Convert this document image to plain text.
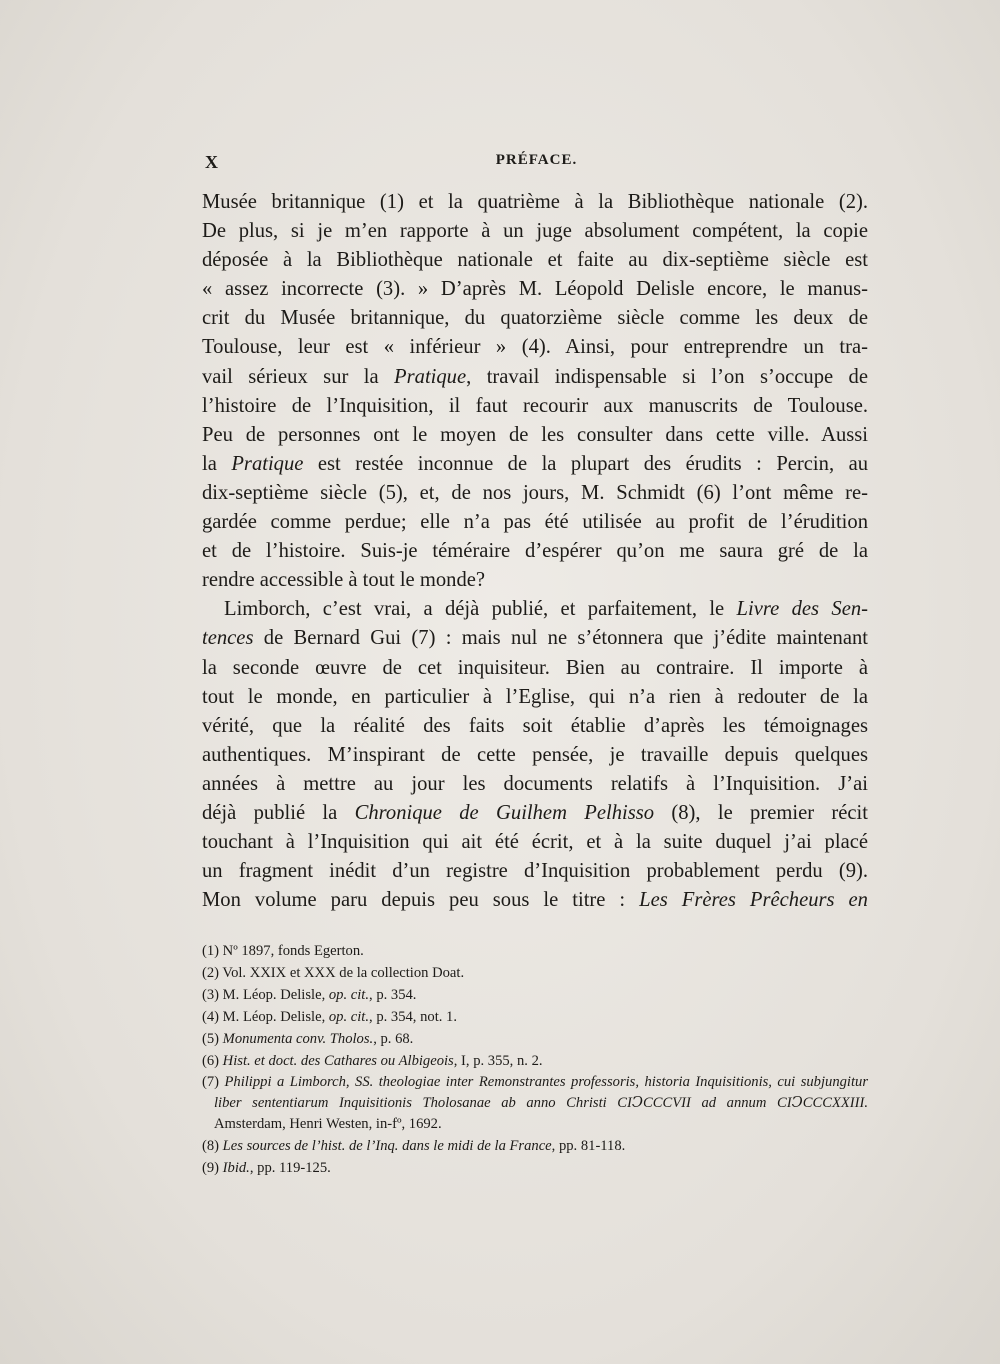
X	PRÉFACE.

Musée britannique (1) et la quatrième à la Bibliothèque nationale (2).

De plus, si je m’en rapporte à un juge absolument compétent, la copie

déposée à la Bibliothèque nationale et faite au dix-septième siècle est

« assez incorrecte (3). » D’après M. Léopold Delisle encore, le manus-

crit du Musée britannique, du quatorzième siècle comme les deux de

Toulouse, leur est « inférieur » (4). Ainsi, pour entreprendre un tra-

vail sérieux sur la Pratique, travail indispensable si l’on s’occupe de

l’histoire de l’Inquisition, il faut recourir aux manuscrits de Toulouse.

Peu de personnes ont le moyen de les consulter dans cette ville. Aussi

la Pratique est restée inconnue de la plupart des érudits : Percin, au

dix-septième siècle (5), et, de nos jours, M. Schmidt (6) l’ont même re-

gardée comme perdue; elle n’a pas été utilisée au profit de l’érudition

et de l’histoire. Suis-je téméraire d’espérer qu’on me saura gré de la

rendre accessible à tout le monde?

Limborch, c’est vrai, a déjà publié, et parfaitement, le Livre des Sen-

tences de Bernard Gui (7) : mais nul ne s’étonnera que j’édite maintenant

la seconde œuvre de cet inquisiteur. Bien au contraire. Il importe à

tout le monde, en particulier à l’Eglise, qui n’a rien à redouter de la

vérité, que la réalité des faits soit établie d’après les témoignages

authentiques. M’inspirant de cette pensée, je travaille depuis quelques

années à mettre au jour les documents relatifs à l’Inquisition. J’ai

déjà publié la Chronique de Guilhem Pelhisso (8), le premier récit

touchant à l’Inquisition qui ait été écrit, et à la suite duquel j’ai placé

un fragment inédit d’un registre d’Inquisition probablement perdu (9).

Mon volume paru depuis peu sous le titre : Les Frères Prêcheurs en

(1) Nº 1897, fonds Egerton.

(2) Vol. XXIX et XXX de la collection Doat.

(3) M. Léop. Delisle, op. cit., p. 354.

(4) M. Léop. Delisle, op. cit., p. 354, not. 1.

(5) Monumenta conv. Tholos., p. 68.

(6) Hist. et doct. des Cathares ou Albigeois, I, p. 355, n. 2.

(7) Philippi a Limborch, SS. theologiae inter Remonstrantes professoris, historia Inquisitionis, cui subjungitur liber sententiarum Inquisitionis Tholosanae ab anno Christi CIↃCCCVII ad annum CIↃCCCXXIII. Amsterdam, Henri Westen, in-fº, 1692.

(8) Les sources de l’hist. de l’Inq. dans le midi de la France, pp. 81-118.

(9) Ibid., pp. 119-125.
